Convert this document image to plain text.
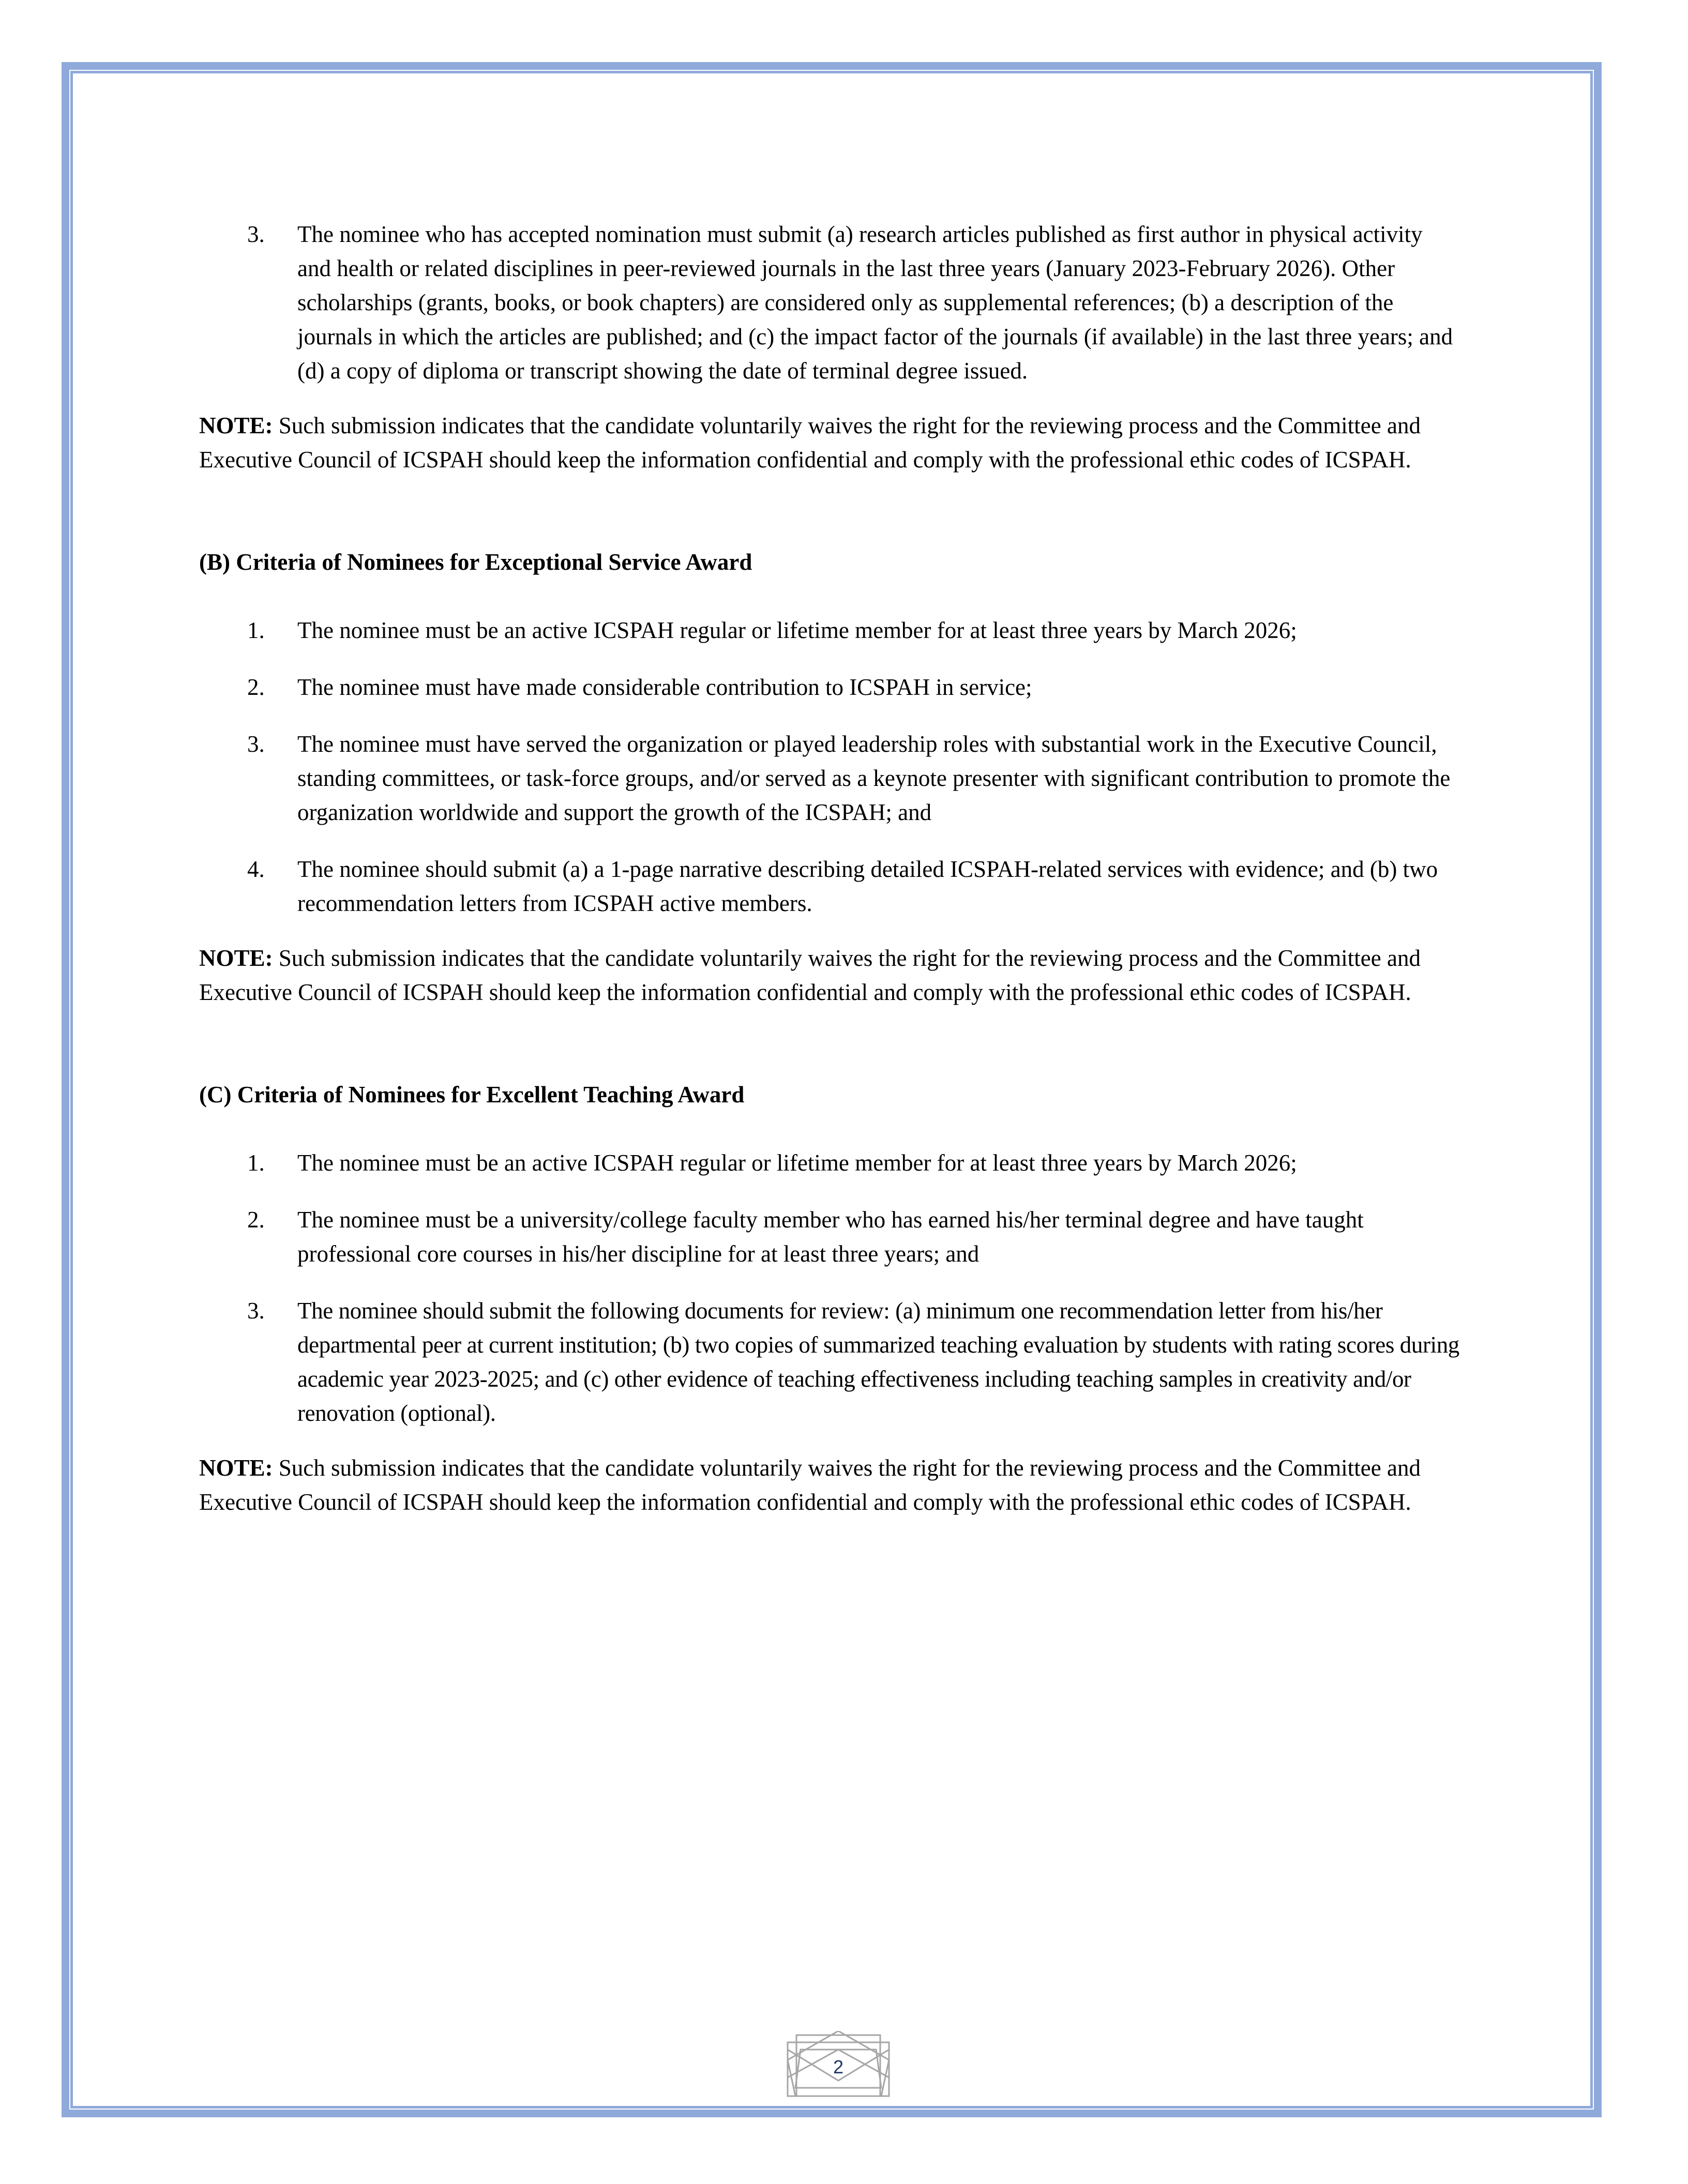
3.	The nominee who has accepted nomination must submit (a) research articles published as first author in physical activity and health or related disciplines in peer-reviewed journals in the last three years (January 2023-February 2026). Other scholarships (grants, books, or book chapters) are considered only as supplemental references; (b) a description of the journals in which the articles are published; and (c) the impact factor of the journals (if available) in the last three years; and (d) a copy of diploma or transcript showing the date of terminal degree issued.

NOTE: Such submission indicates that the candidate voluntarily waives the right for the reviewing process and the Committee and Executive Council of ICSPAH should keep the information confidential and comply with the professional ethic codes of ICSPAH.

(B) Criteria of Nominees for Exceptional Service Award
1.	The nominee must be an active ICSPAH regular or lifetime member for at least three years by March 2026;
2.	The nominee must have made considerable contribution to ICSPAH in service;
3.	The nominee must have served the organization or played leadership roles with substantial work in the Executive Council, standing committees, or task-force groups, and/or served as a keynote presenter with significant contribution to promote the organization worldwide and support the growth of the ICSPAH; and
4.	The nominee should submit (a) a 1-page narrative describing detailed ICSPAH-related services with evidence; and (b) two recommendation letters from ICSPAH active members.

NOTE: Such submission indicates that the candidate voluntarily waives the right for the reviewing process and the Committee and Executive Council of ICSPAH should keep the information confidential and comply with the professional ethic codes of ICSPAH.

(C) Criteria of Nominees for Excellent Teaching Award
1.	The nominee must be an active ICSPAH regular or lifetime member for at least three years by March 2026;
2.	The nominee must be a university/college faculty member who has earned his/her terminal degree and have taught professional core courses in his/her discipline for at least three years; and
3.	The nominee should submit the following documents for review: (a) minimum one recommendation letter from his/her departmental peer at current institution; (b) two copies of summarized teaching evaluation by students with rating scores during academic year 2023-2025; and (c) other evidence of teaching effectiveness including teaching samples in creativity and/or renovation (optional).

NOTE: Such submission indicates that the candidate voluntarily waives the right for the reviewing process and the Committee and Executive Council of ICSPAH should keep the information confidential and comply with the professional ethic codes of ICSPAH.

2
